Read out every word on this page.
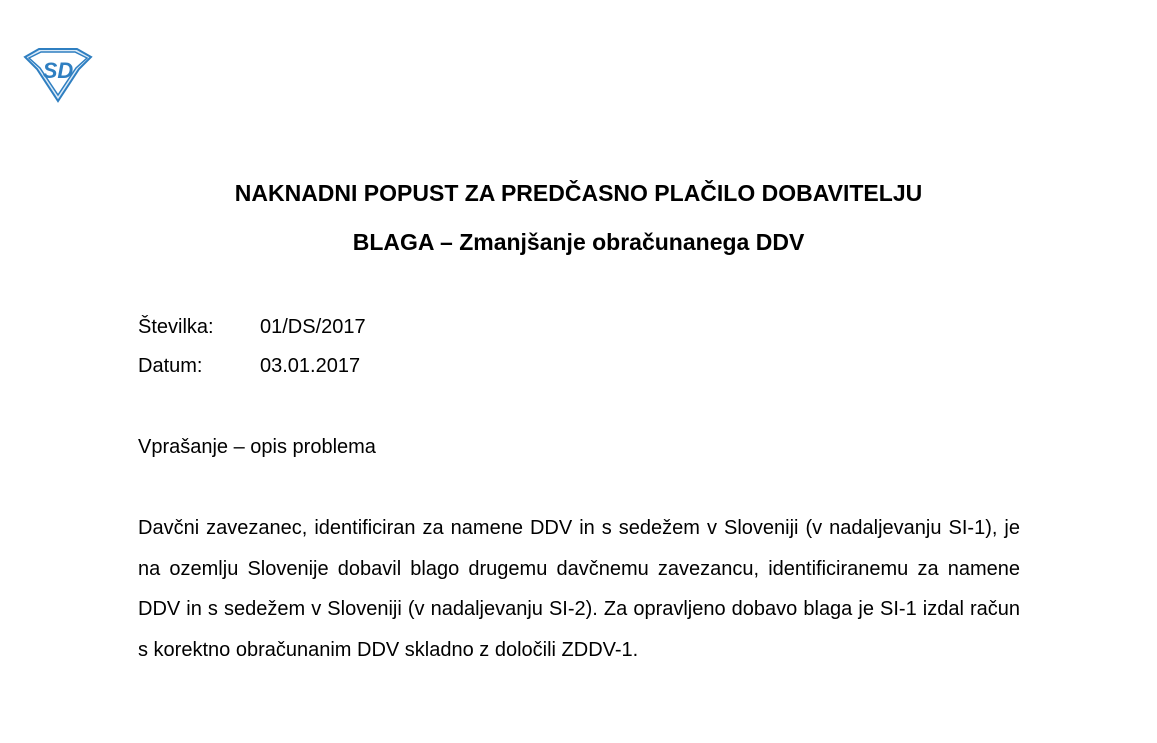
SD
NAKNADNI POPUST ZA PREDČASNO PLAČILO DOBAVITELJU
BLAGA – Zmanjšanje obračunanega DDV
Številka: 01/DS/2017
Datum:	03.01.2017
Vprašanje – opis problema

Davčni zavezanec, identificiran za namene DDV in s sedežem v Sloveniji (v nadaljevanju SI-1), je na ozemlju Slovenije dobavil blago drugemu davčnemu zavezancu, identificiranemu za namene DDV in s sedežem v Sloveniji (v nadaljevanju SI-2). Za opravljeno dobavo blaga je SI-1 izdal račun s korektno obračunanim DDV skladno z določili ZDDV-1.
